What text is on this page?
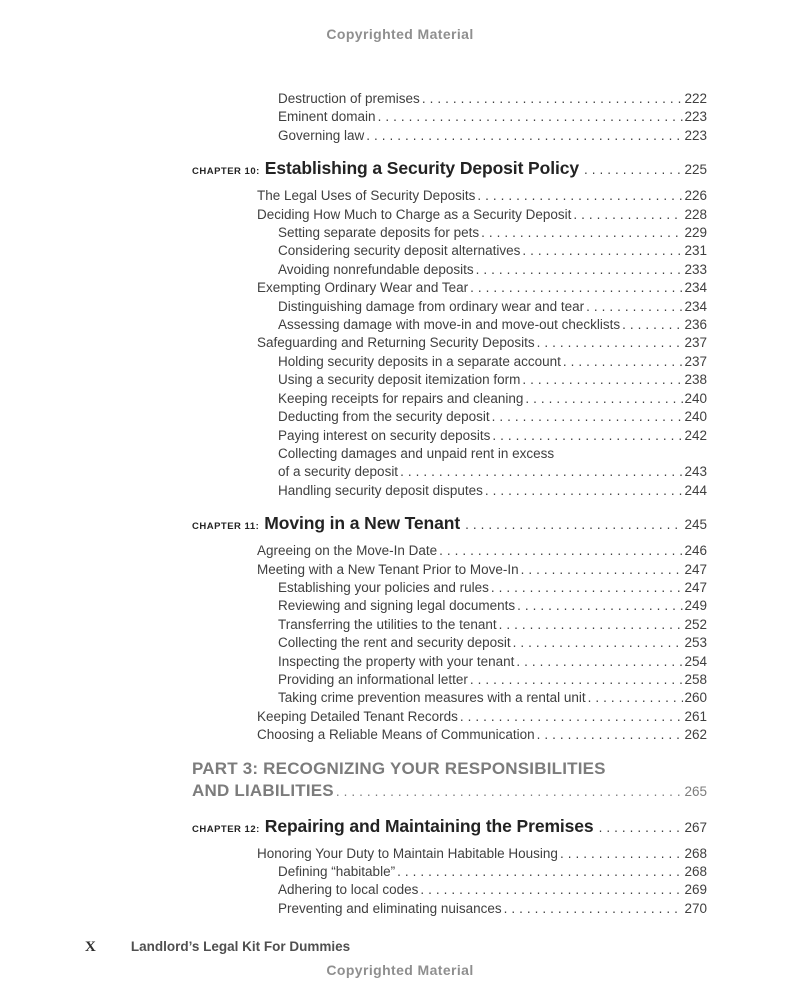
Copyrighted Material
Destruction of premises .....	222
Eminent domain .....	223
Governing law .....	223
CHAPTER 10: Establishing a Security Deposit Policy .....	225
The Legal Uses of Security Deposits .....	226
Deciding How Much to Charge as a Security Deposit .....	228
Setting separate deposits for pets .....	229
Considering security deposit alternatives .....	231
Avoiding nonrefundable deposits .....	233
Exempting Ordinary Wear and Tear .....	234
Distinguishing damage from ordinary wear and tear .....	234
Assessing damage with move-in and move-out checklists .....	236
Safeguarding and Returning Security Deposits .....	237
Holding security deposits in a separate account .....	237
Using a security deposit itemization form .....	238
Keeping receipts for repairs and cleaning .....	240
Deducting from the security deposit .....	240
Paying interest on security deposits .....	242
Collecting damages and unpaid rent in excess
of a security deposit .....	243
Handling security deposit disputes .....	244
CHAPTER 11: Moving in a New Tenant .....	245
Agreeing on the Move-In Date .....	246
Meeting with a New Tenant Prior to Move-In .....	247
Establishing your policies and rules .....	247
Reviewing and signing legal documents .....	249
Transferring the utilities to the tenant .....	252
Collecting the rent and security deposit .....	253
Inspecting the property with your tenant .....	254
Providing an informational letter .....	258
Taking crime prevention measures with a rental unit .....	260
Keeping Detailed Tenant Records .....	261
Choosing a Reliable Means of Communication .....	262
PART 3: RECOGNIZING YOUR RESPONSIBILITIES
AND LIABILITIES .....	265
CHAPTER 12: Repairing and Maintaining the Premises .....	267
Honoring Your Duty to Maintain Habitable Housing .....	268
Defining “habitable” .....	268
Adhering to local codes .....	269
Preventing and eliminating nuisances .....	270
X	Landlord’s Legal Kit For Dummies
Copyrighted Material
